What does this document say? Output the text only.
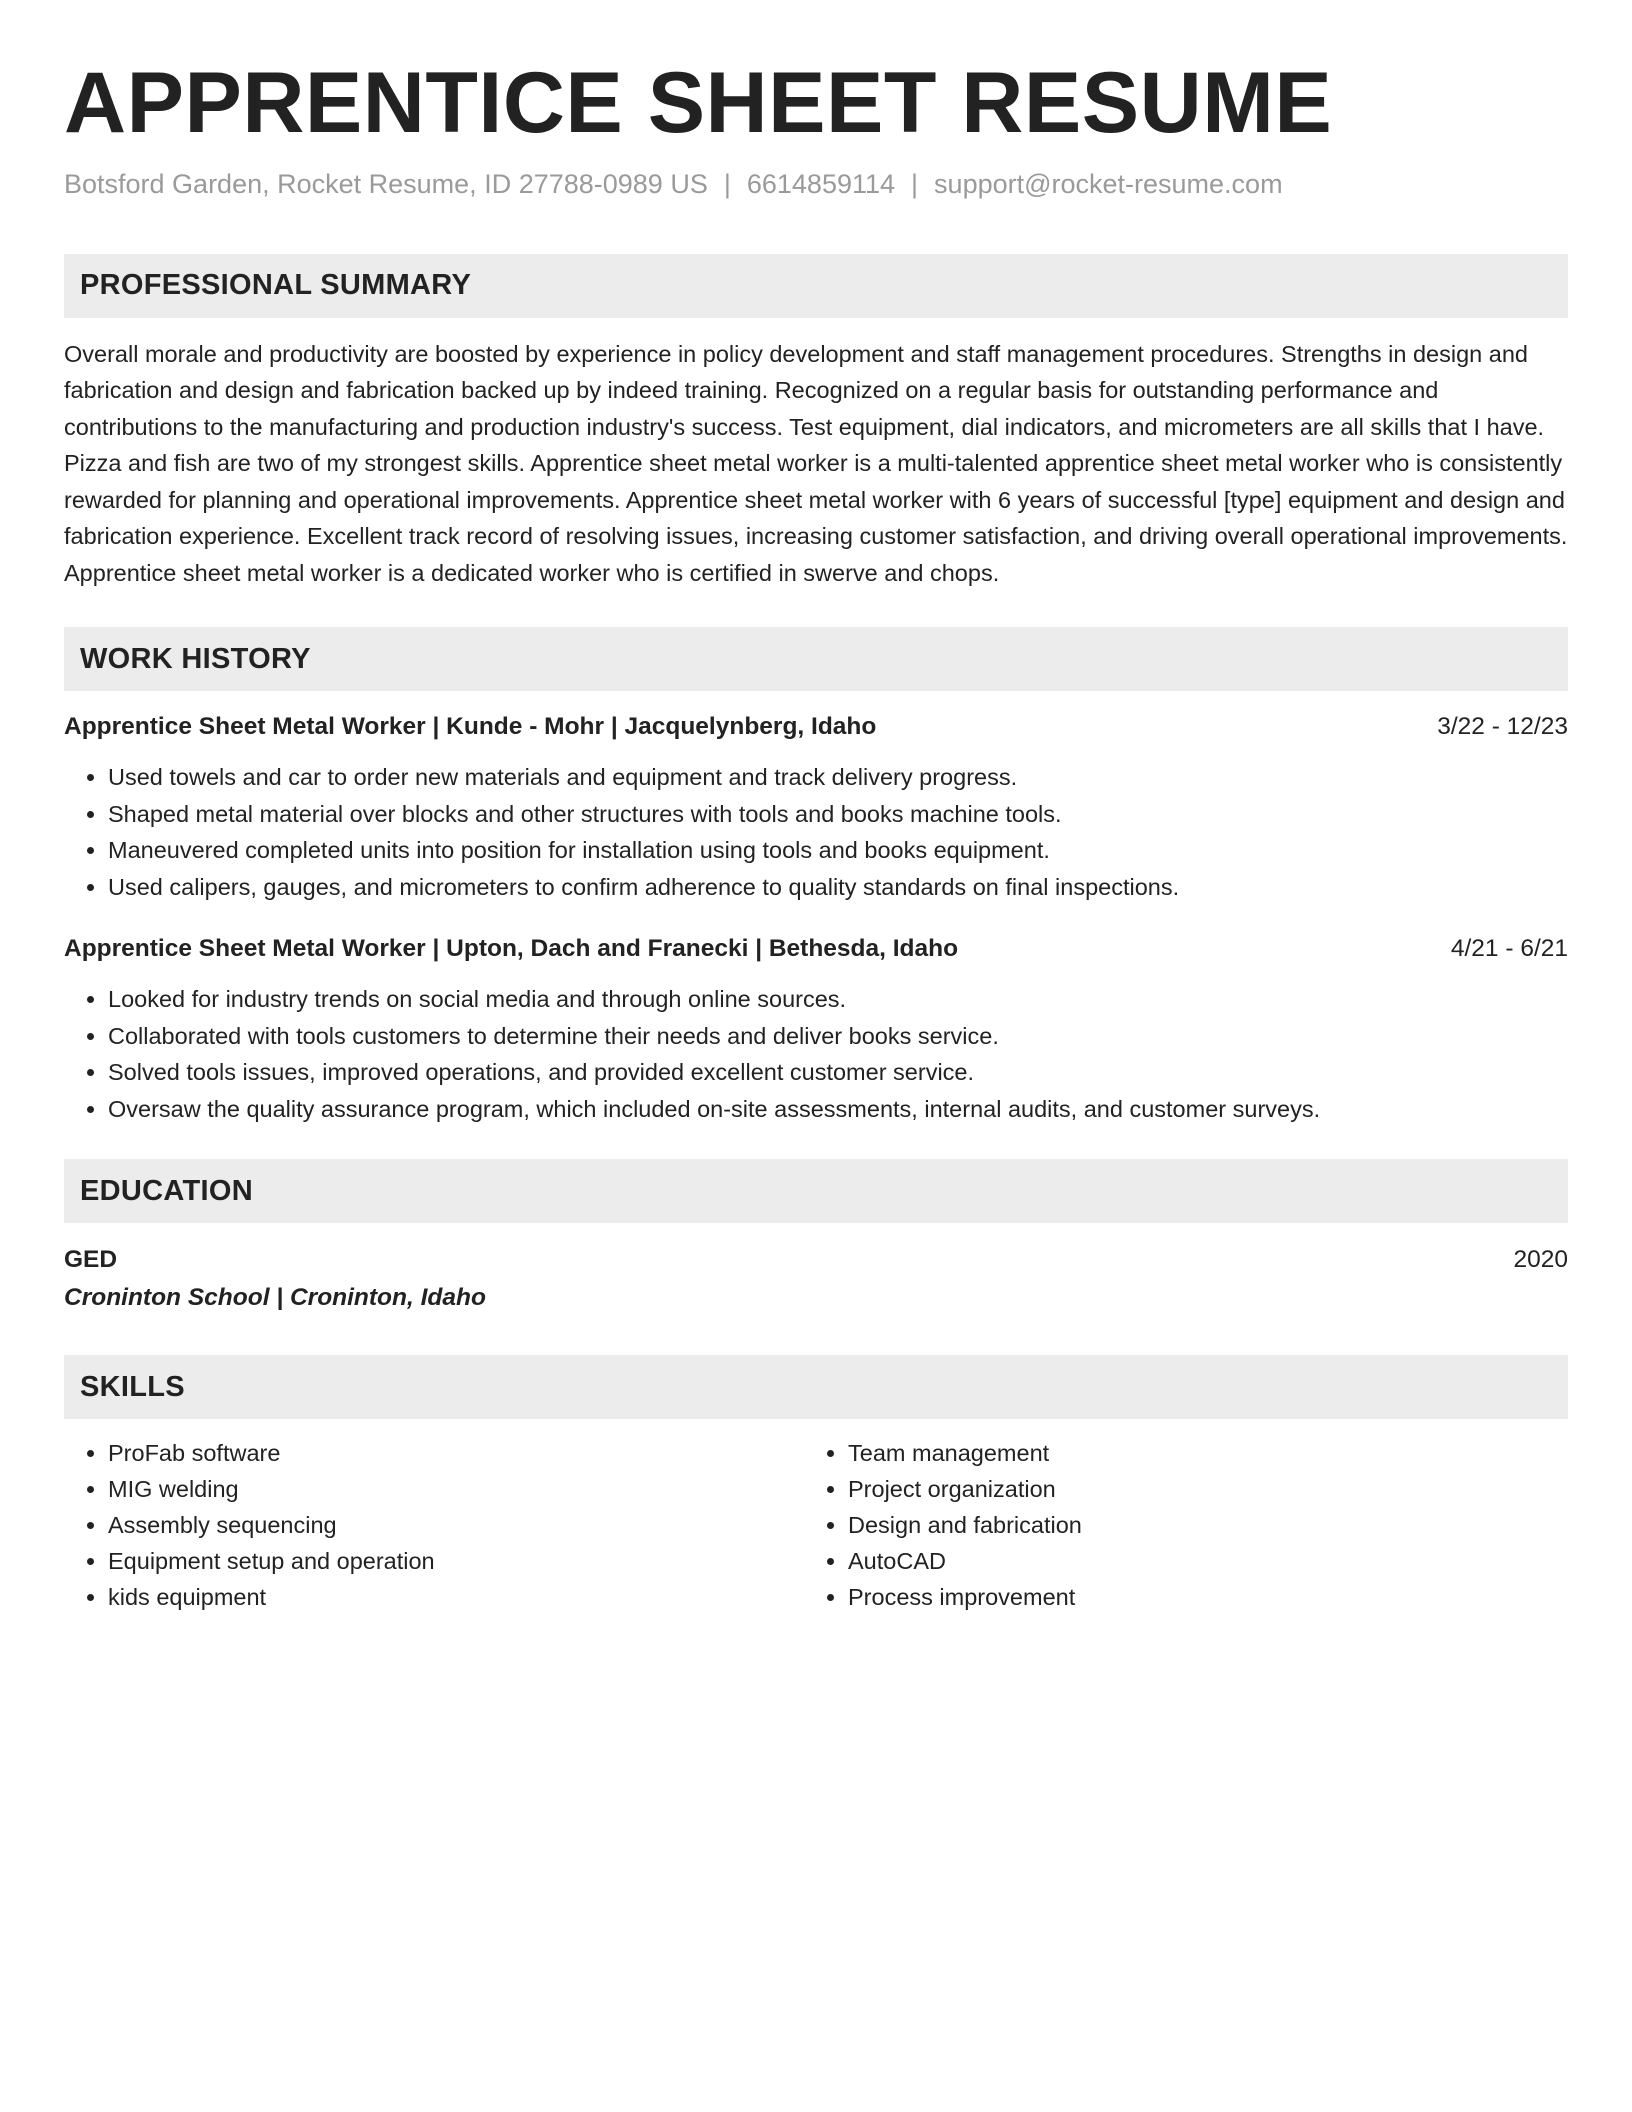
APPRENTICE SHEET RESUME
Botsford Garden, Rocket Resume, ID 27788-0989 US | 6614859114 | support@rocket-resume.com
PROFESSIONAL SUMMARY
Overall morale and productivity are boosted by experience in policy development and staff management procedures. Strengths in design and fabrication and design and fabrication backed up by indeed training. Recognized on a regular basis for outstanding performance and contributions to the manufacturing and production industry's success. Test equipment, dial indicators, and micrometers are all skills that I have. Pizza and fish are two of my strongest skills. Apprentice sheet metal worker is a multi-talented apprentice sheet metal worker who is consistently rewarded for planning and operational improvements. Apprentice sheet metal worker with 6 years of successful [type] equipment and design and fabrication experience. Excellent track record of resolving issues, increasing customer satisfaction, and driving overall operational improvements. Apprentice sheet metal worker is a dedicated worker who is certified in swerve and chops.
WORK HISTORY
Apprentice Sheet Metal Worker | Kunde - Mohr | Jacquelynberg, Idaho	3/22 - 12/23
• Used towels and car to order new materials and equipment and track delivery progress.
• Shaped metal material over blocks and other structures with tools and books machine tools.
• Maneuvered completed units into position for installation using tools and books equipment.
• Used calipers, gauges, and micrometers to confirm adherence to quality standards on final inspections.
Apprentice Sheet Metal Worker | Upton, Dach and Franecki | Bethesda, Idaho	4/21 - 6/21
• Looked for industry trends on social media and through online sources.
• Collaborated with tools customers to determine their needs and deliver books service.
• Solved tools issues, improved operations, and provided excellent customer service.
• Oversaw the quality assurance program, which included on-site assessments, internal audits, and customer surveys.
EDUCATION
GED	2020
Croninton School | Croninton, Idaho
SKILLS
• ProFab software
• MIG welding
• Assembly sequencing
• Equipment setup and operation
• kids equipment
• Team management
• Project organization
• Design and fabrication
• AutoCAD
• Process improvement
